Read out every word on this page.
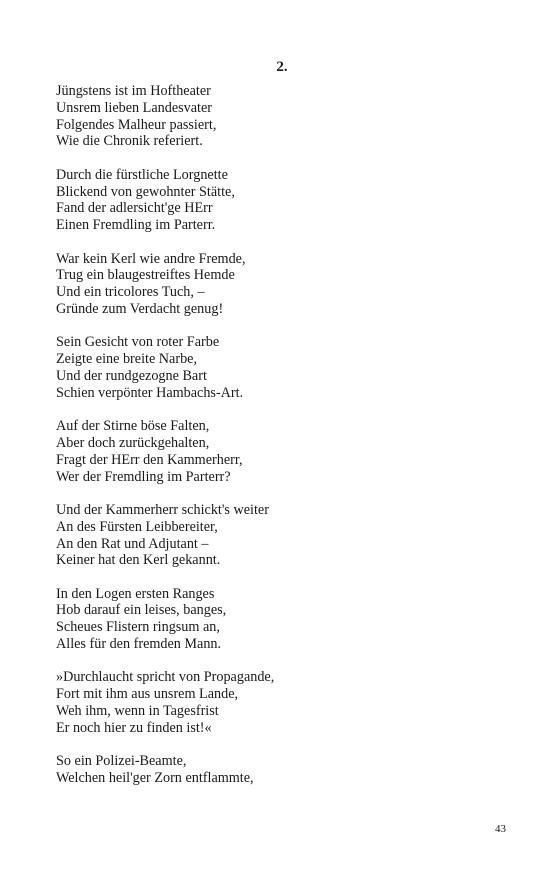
2.
Jüngstens ist im Hoftheater
Unsrem lieben Landesvater
Folgendes Malheur passiert,
Wie die Chronik referiert.
Durch die fürstliche Lorgnette
Blickend von gewohnter Stätte,
Fand der adlersicht'ge HErr
Einen Fremdling im Parterr.
War kein Kerl wie andre Fremde,
Trug ein blaugestreiftes Hemde
Und ein tricolores Tuch, –
Gründe zum Verdacht genug!
Sein Gesicht von roter Farbe
Zeigte eine breite Narbe,
Und der rundgezogne Bart
Schien verpönter Hambachs-Art.
Auf der Stirne böse Falten,
Aber doch zurückgehalten,
Fragt der HErr den Kammerherr,
Wer der Fremdling im Parterr?
Und der Kammerherr schickt's weiter
An des Fürsten Leibbereiter,
An den Rat und Adjutant –
Keiner hat den Kerl gekannt.
In den Logen ersten Ranges
Hob darauf ein leises, banges,
Scheues Flistern ringsum an,
Alles für den fremden Mann.
»Durchlaucht spricht von Propagande,
Fort mit ihm aus unsrem Lande,
Weh ihm, wenn in Tagesfrist
Er noch hier zu finden ist!«
So ein Polizei-Beamte,
Welchen heil'ger Zorn entflammte,
43
